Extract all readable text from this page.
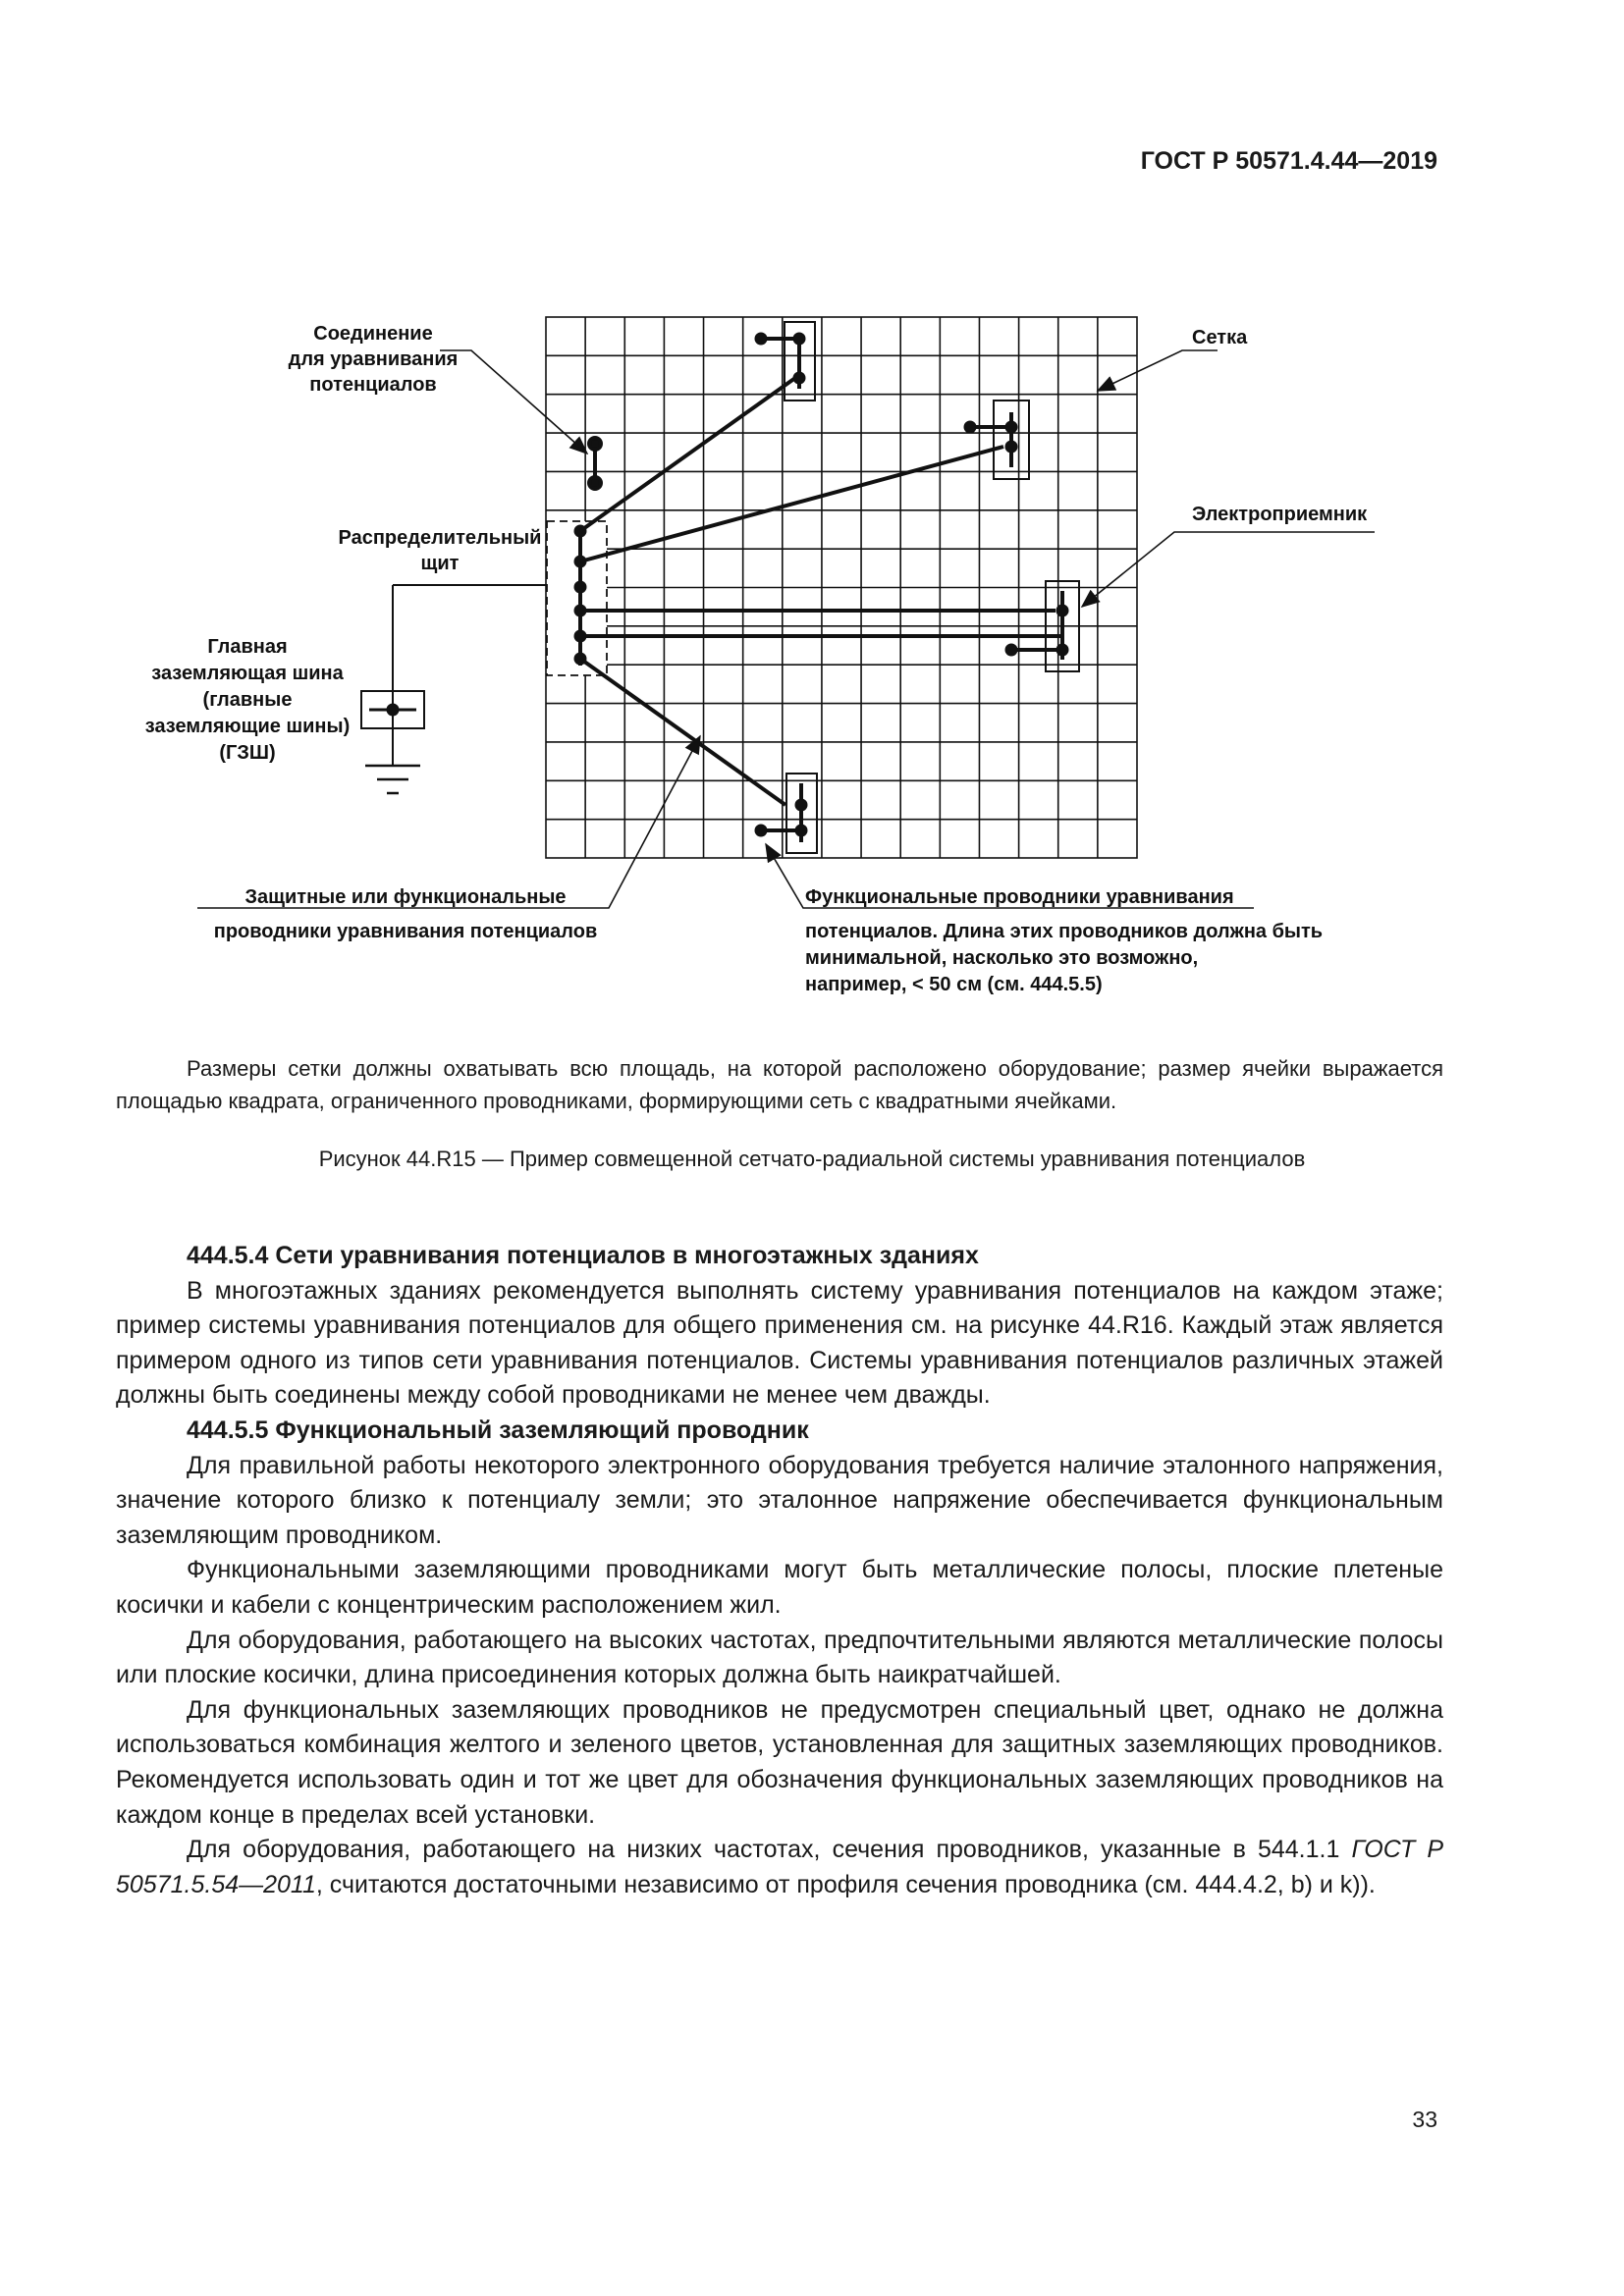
ГОСТ Р 50571.4.44—2019
Соединение
для уравнивания
потенциалов
Распределительный
щит
Главная
заземляющая шина
(главные
заземляющие шины)
(ГЗШ)
Сетка
Электроприемник
Защитные или функциональные
проводники уравнивания потенциалов
Функциональные проводники уравнивания
потенциалов. Длина этих проводников должна быть
минимальной, насколько это возможно,
например, < 50 см (см. 444.5.5)

Размеры сетки должны охватывать всю площадь, на которой расположено оборудование; размер ячейки выражается площадью квадрата, ограниченного проводниками, формирующими сеть с квадратными ячейками.

Рисунок 44.R15 — Пример совмещенной сетчато-радиальной системы уравнивания потенциалов
444.5.4 Сети уравнивания потенциалов в многоэтажных зданиях

В многоэтажных зданиях рекомендуется выполнять систему уравнивания потенциалов на каждом этаже; пример системы уравнивания потенциалов для общего применения см. на рисунке 44.R16. Каждый этаж является примером одного из типов сети уравнивания потенциалов. Системы уравнивания потенциалов различных этажей должны быть соединены между собой проводниками не менее чем дважды.

444.5.5 Функциональный заземляющий проводник

Для правильной работы некоторого электронного оборудования требуется наличие эталонного напряжения, значение которого близко к потенциалу земли; это эталонное напряжение обеспечивается функциональным заземляющим проводником.

Функциональными заземляющими проводниками могут быть металлические полосы, плоские плетеные косички и кабели с концентрическим расположением жил.

Для оборудования, работающего на высоких частотах, предпочтительными являются металлические полосы или плоские косички, длина присоединения которых должна быть наикратчайшей.

Для функциональных заземляющих проводников не предусмотрен специальный цвет, однако не должна использоваться комбинация желтого и зеленого цветов, установленная для защитных заземляющих проводников. Рекомендуется использовать один и тот же цвет для обозначения функциональных заземляющих проводников на каждом конце в пределах всей установки.

Для оборудования, работающего на низких частотах, сечения проводников, указанные в 544.1.1 ГОСТ Р 50571.5.54—2011, считаются достаточными независимо от профиля сечения проводника (см. 444.4.2, b) и k)).

33
